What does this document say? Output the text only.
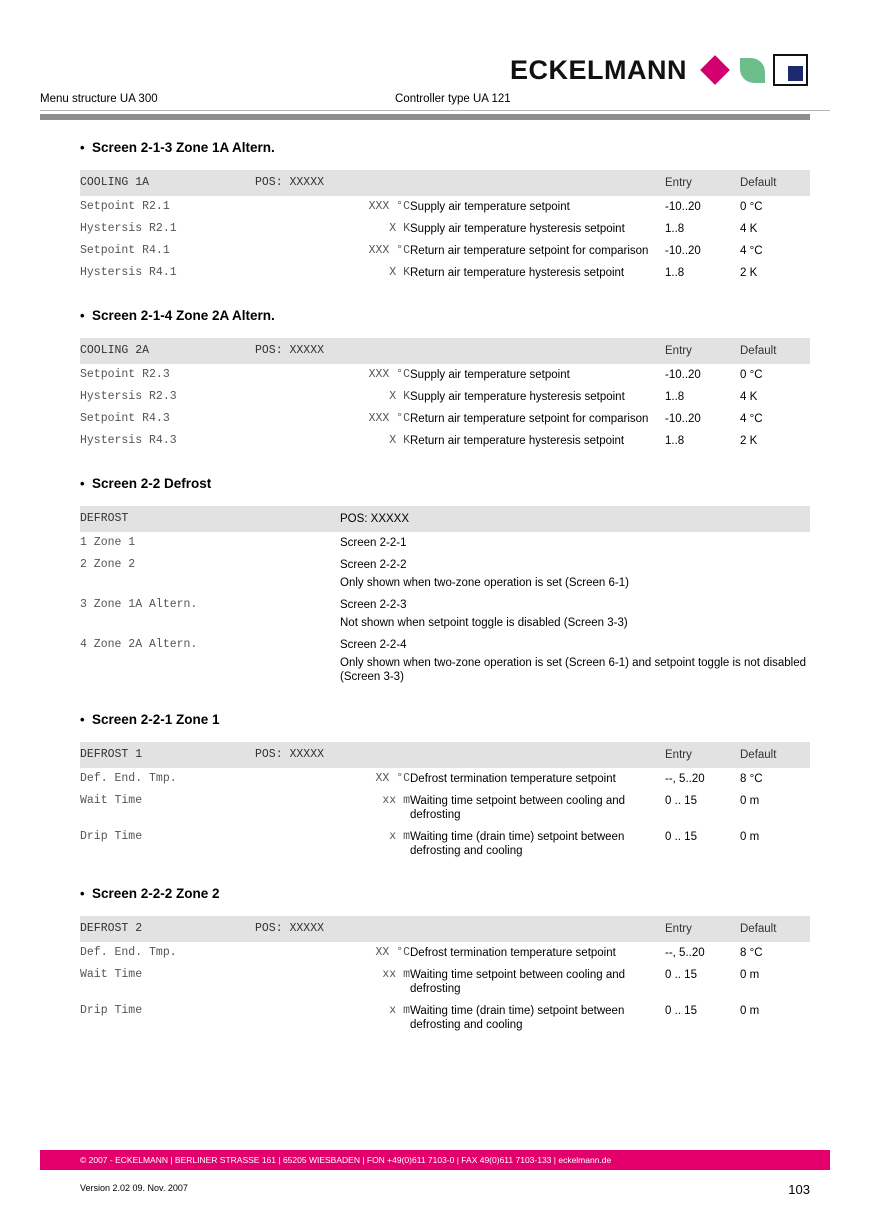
ECKELMANN
Menu structure UA 300	Controller type UA 121
• Screen 2-1-3 Zone 1A Altern.
COOLING 1A	POS: XXXXX			Entry	Default
Setpoint R2.1		XXX °C	Supply air temperature setpoint	-10..20	0 °C
Hystersis R2.1		X K	Supply air temperature hysteresis setpoint	1..8	4 K
Setpoint R4.1		XXX °C	Return air temperature setpoint for comparison	-10..20	4 °C
Hystersis R4.1		X K	Return air temperature hysteresis setpoint	1..8	2 K
• Screen 2-1-4 Zone 2A Altern.
COOLING 2A	POS: XXXXX			Entry	Default
Setpoint R2.3		XXX °C	Supply air temperature setpoint	-10..20	0 °C
Hystersis R2.3		X K	Supply air temperature hysteresis setpoint	1..8	4 K
Setpoint R4.3		XXX °C	Return air temperature setpoint for comparison	-10..20	4 °C
Hystersis R4.3		X K	Return air temperature hysteresis setpoint	1..8	2 K
• Screen 2-2 Defrost
DEFROST	POS: XXXXX
1 Zone 1	Screen 2-2-1
2 Zone 2	Screen 2-2-2
Only shown when two-zone operation is set (Screen 6-1)

3 Zone 1A Altern.	Screen 2-2-3
Not shown when setpoint toggle is disabled (Screen 3-3)

4 Zone 2A Altern.	Screen 2-2-4
Only shown when two-zone operation is set (Screen 6-1) and setpoint toggle is not disabled (Screen 3-3)
• Screen 2-2-1 Zone 1
DEFROST 1	POS: XXXXX			Entry	Default
Def. End. Tmp.		XX °C	Defrost termination temperature setpoint	--, 5..20	8 °C
Wait Time		xx m	Waiting time setpoint between cooling and defrosting	0 .. 15	0 m
Drip Time		x m	Waiting time (drain time) setpoint between defrosting and cooling	0 .. 15	0 m
• Screen 2-2-2 Zone 2
DEFROST 2	POS: XXXXX			Entry	Default
Def. End. Tmp.		XX °C	Defrost termination temperature setpoint	--, 5..20	8 °C
Wait Time		xx m	Waiting time setpoint between cooling and defrosting	0 .. 15	0 m
Drip Time		x m	Waiting time (drain time) setpoint between defrosting and cooling	0 .. 15	0 m
© 2007 - ECKELMANN | BERLINER STRASSE 161 | 65205 WIESBADEN | FON +49(0)611 7103-0 | FAX 49(0)611 7103-133 | eckelmann.de
Version 2.02 09. Nov. 2007	103
